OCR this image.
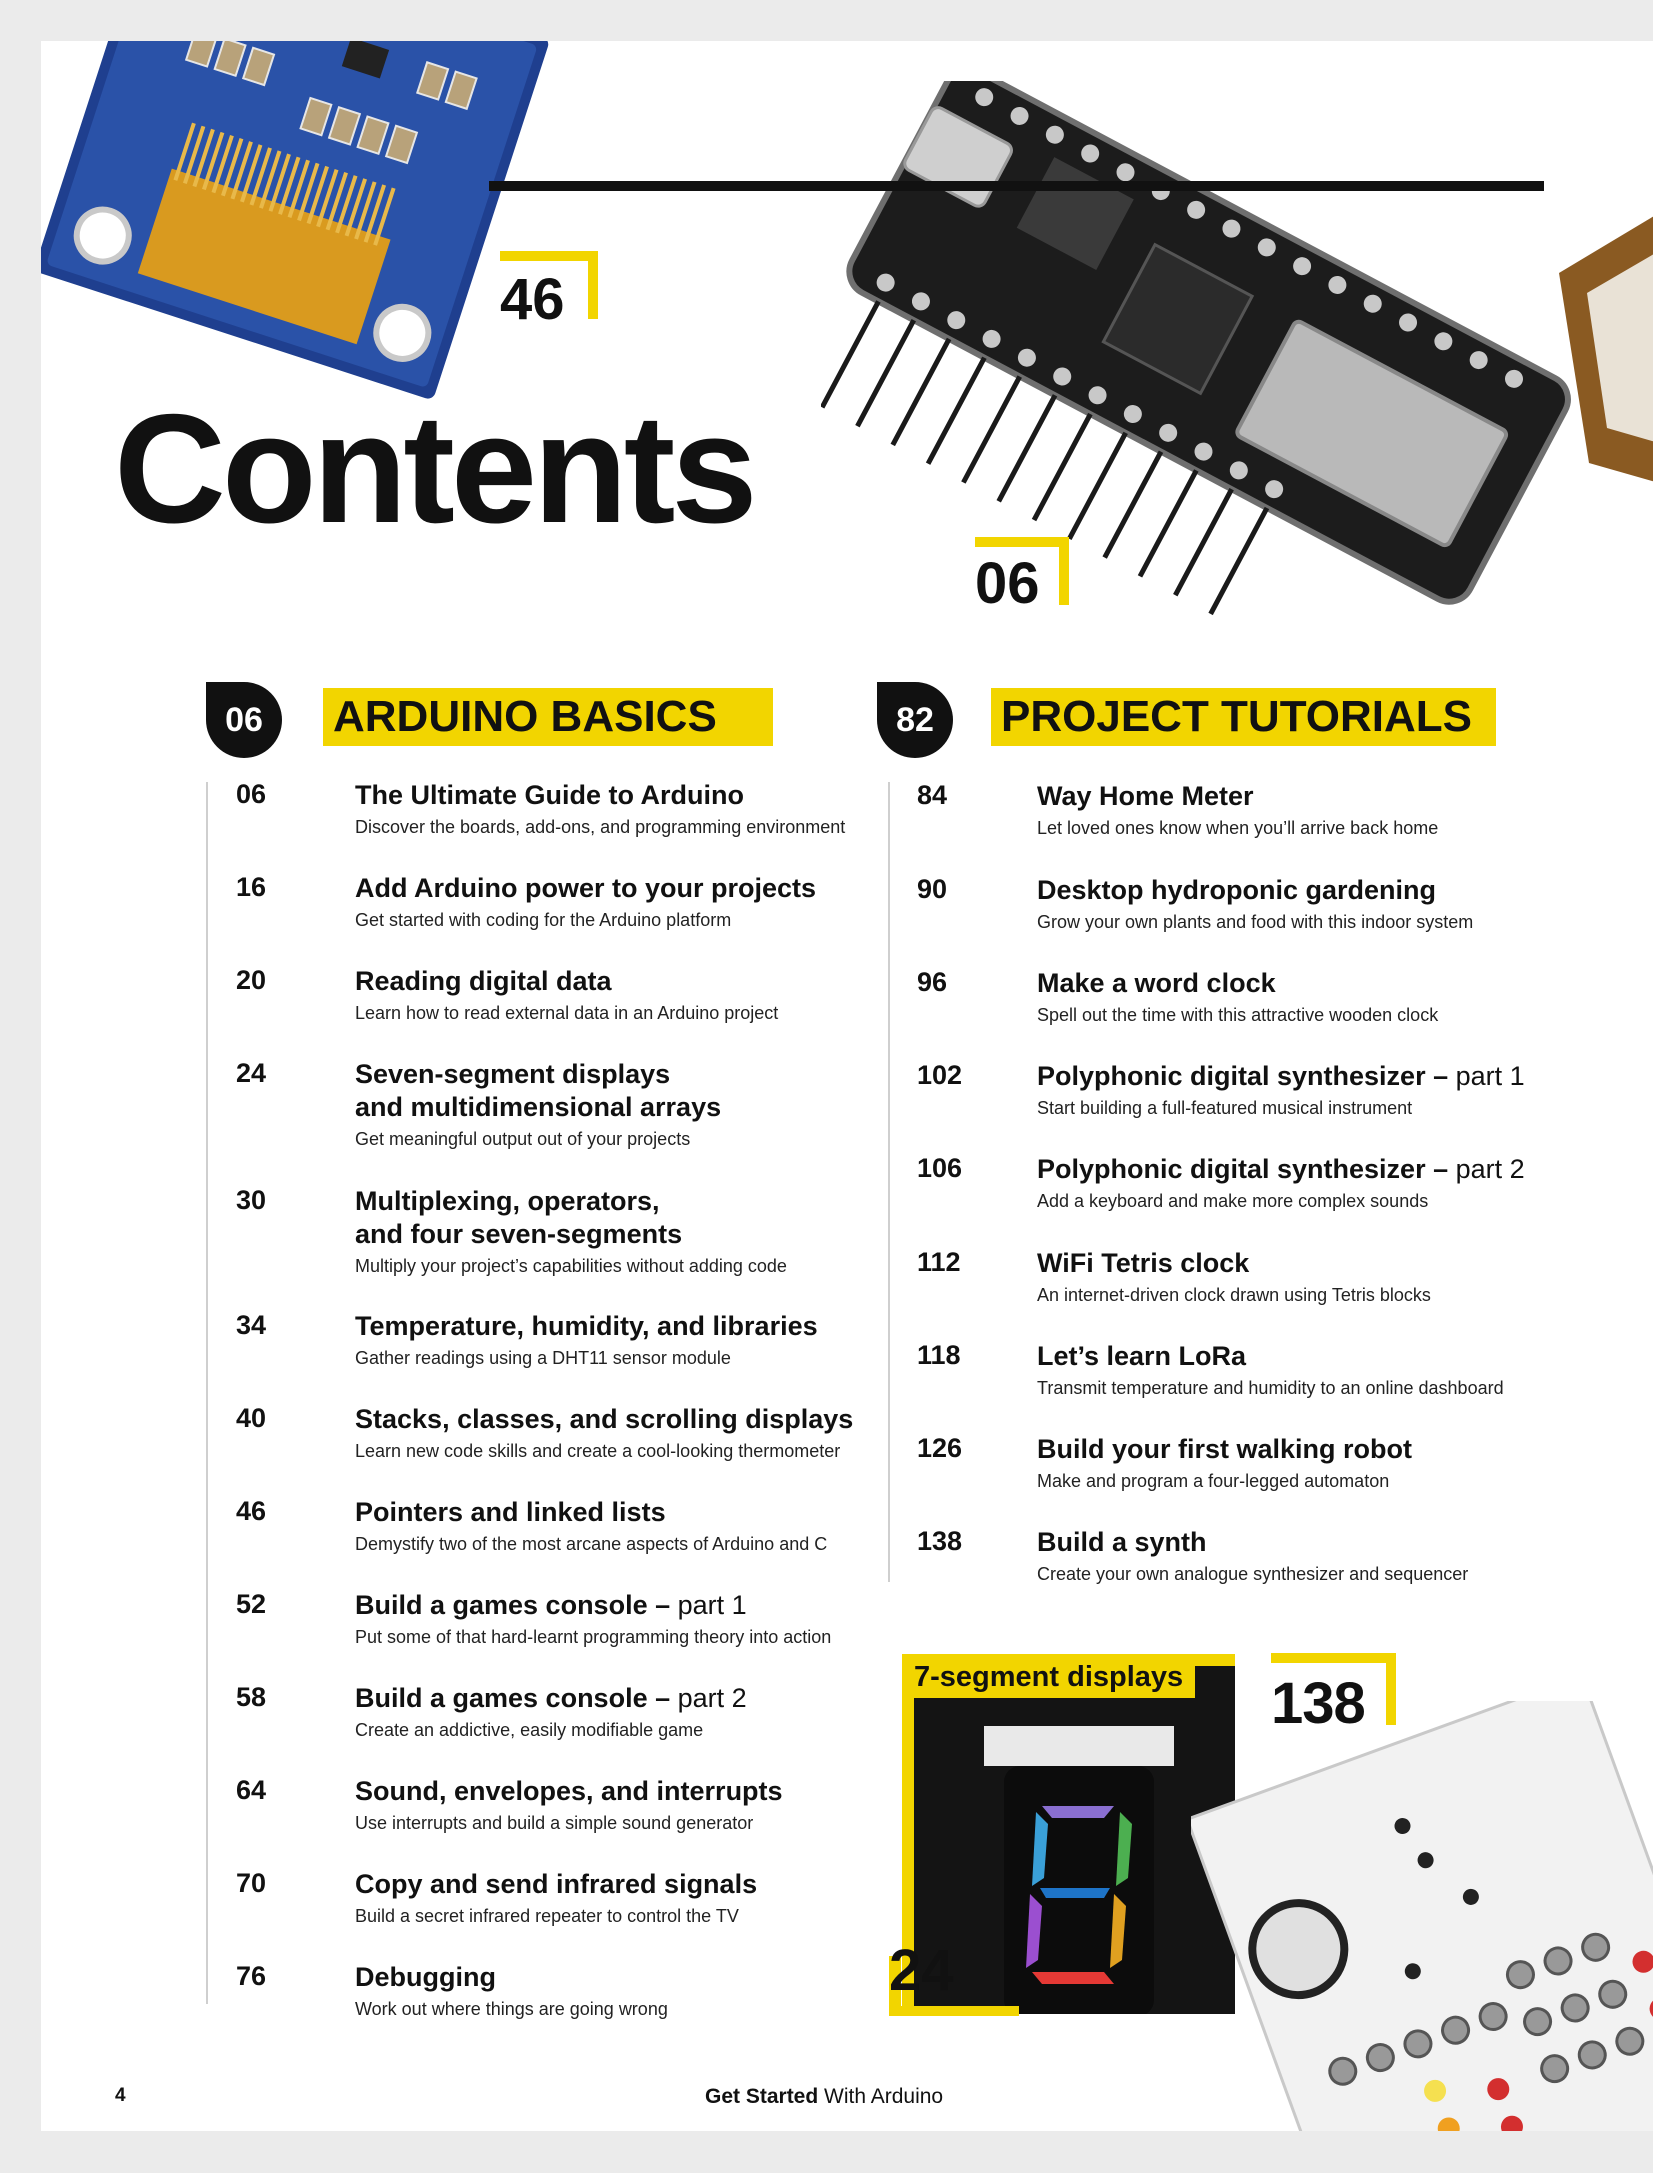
46
06
Contents
06	ARDUINO BASICS	82	PROJECT TUTORIALS
06	The Ultimate Guide to Arduino
Discover the boards, add-ons, and programming environment
16	Add Arduino power to your projects
Get started with coding for the Arduino platform
20	Reading digital data
Learn how to read external data in an Arduino project
24	Seven-segment displays
and multidimensional arrays
Get meaningful output out of your projects
30	Multiplexing, operators,
and four seven-segments
Multiply your project’s capabilities without adding code
34	Temperature, humidity, and libraries
Gather readings using a DHT11 sensor module
40	Stacks, classes, and scrolling displays
Learn new code skills and create a cool-looking thermometer
46	Pointers and linked lists
Demystify two of the most arcane aspects of Arduino and C
52	Build a games console – part 1
Put some of that hard-learnt programming theory into action
58	Build a games console – part 2
Create an addictive, easily modifiable game
64	Sound, envelopes, and interrupts
Use interrupts and build a simple sound generator
70	Copy and send infrared signals
Build a secret infrared repeater to control the TV
76	Debugging
Work out where things are going wrong
84	Way Home Meter
Let loved ones know when you’ll arrive back home
90	Desktop hydroponic gardening
Grow your own plants and food with this indoor system
96	Make a word clock
Spell out the time with this attractive wooden clock
102	Polyphonic digital synthesizer – part 1
Start building a full-featured musical instrument
106	Polyphonic digital synthesizer – part 2
Add a keyboard and make more complex sounds
112	WiFi Tetris clock
An internet-driven clock drawn using Tetris blocks
118	Let’s learn LoRa
Transmit temperature and humidity to an online dashboard
126	Build your first walking robot
Make and program a four-legged automaton
138	Build a synth
Create your own analogue synthesizer and sequencer
7-segment displays
24
138
4	Get Started With Arduino
